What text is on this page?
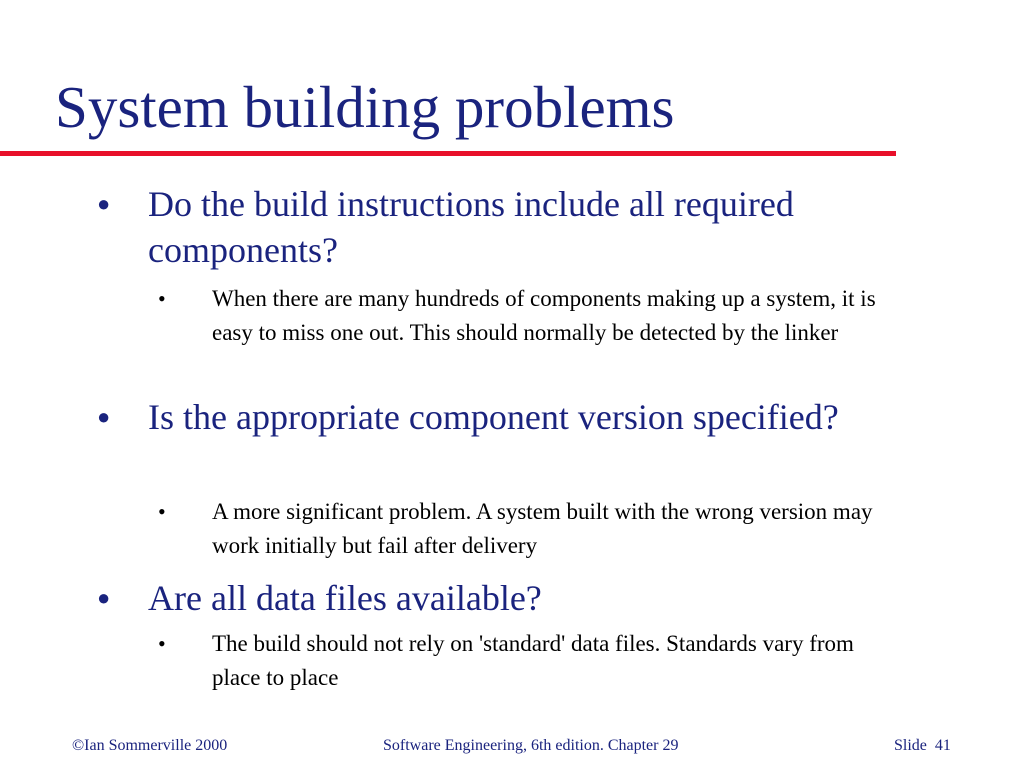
System building problems
● Do the build instructions include all required components?
• When there are many hundreds of components making up a system, it is easy to miss one out. This should normally be detected by the linker
● Is the appropriate component version specified?
• A more significant problem. A system built with the wrong version may work initially but fail after delivery
● Are all data files available?
• The build should not rely on 'standard' data files. Standards vary from place to place
©Ian Sommerville 2000	Software Engineering, 6th edition. Chapter 29	Slide  41
